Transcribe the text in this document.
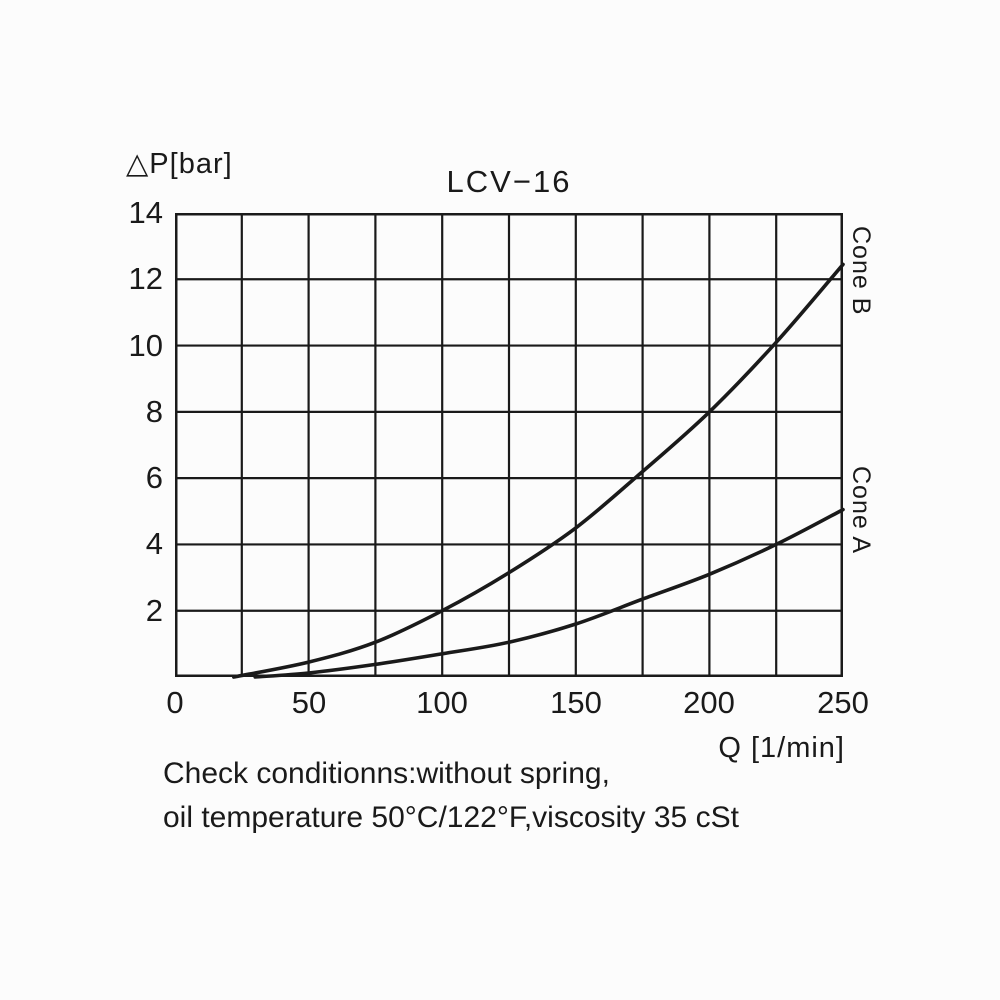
△P[bar]	LCV−16
14
12
10
8
6
4
2
0	50	100	150	200	250
Q [1/min]
Cone B
Cone A
Check conditionns:without spring,
oil temperature 50°C/122°F,viscosity 35 cSt
